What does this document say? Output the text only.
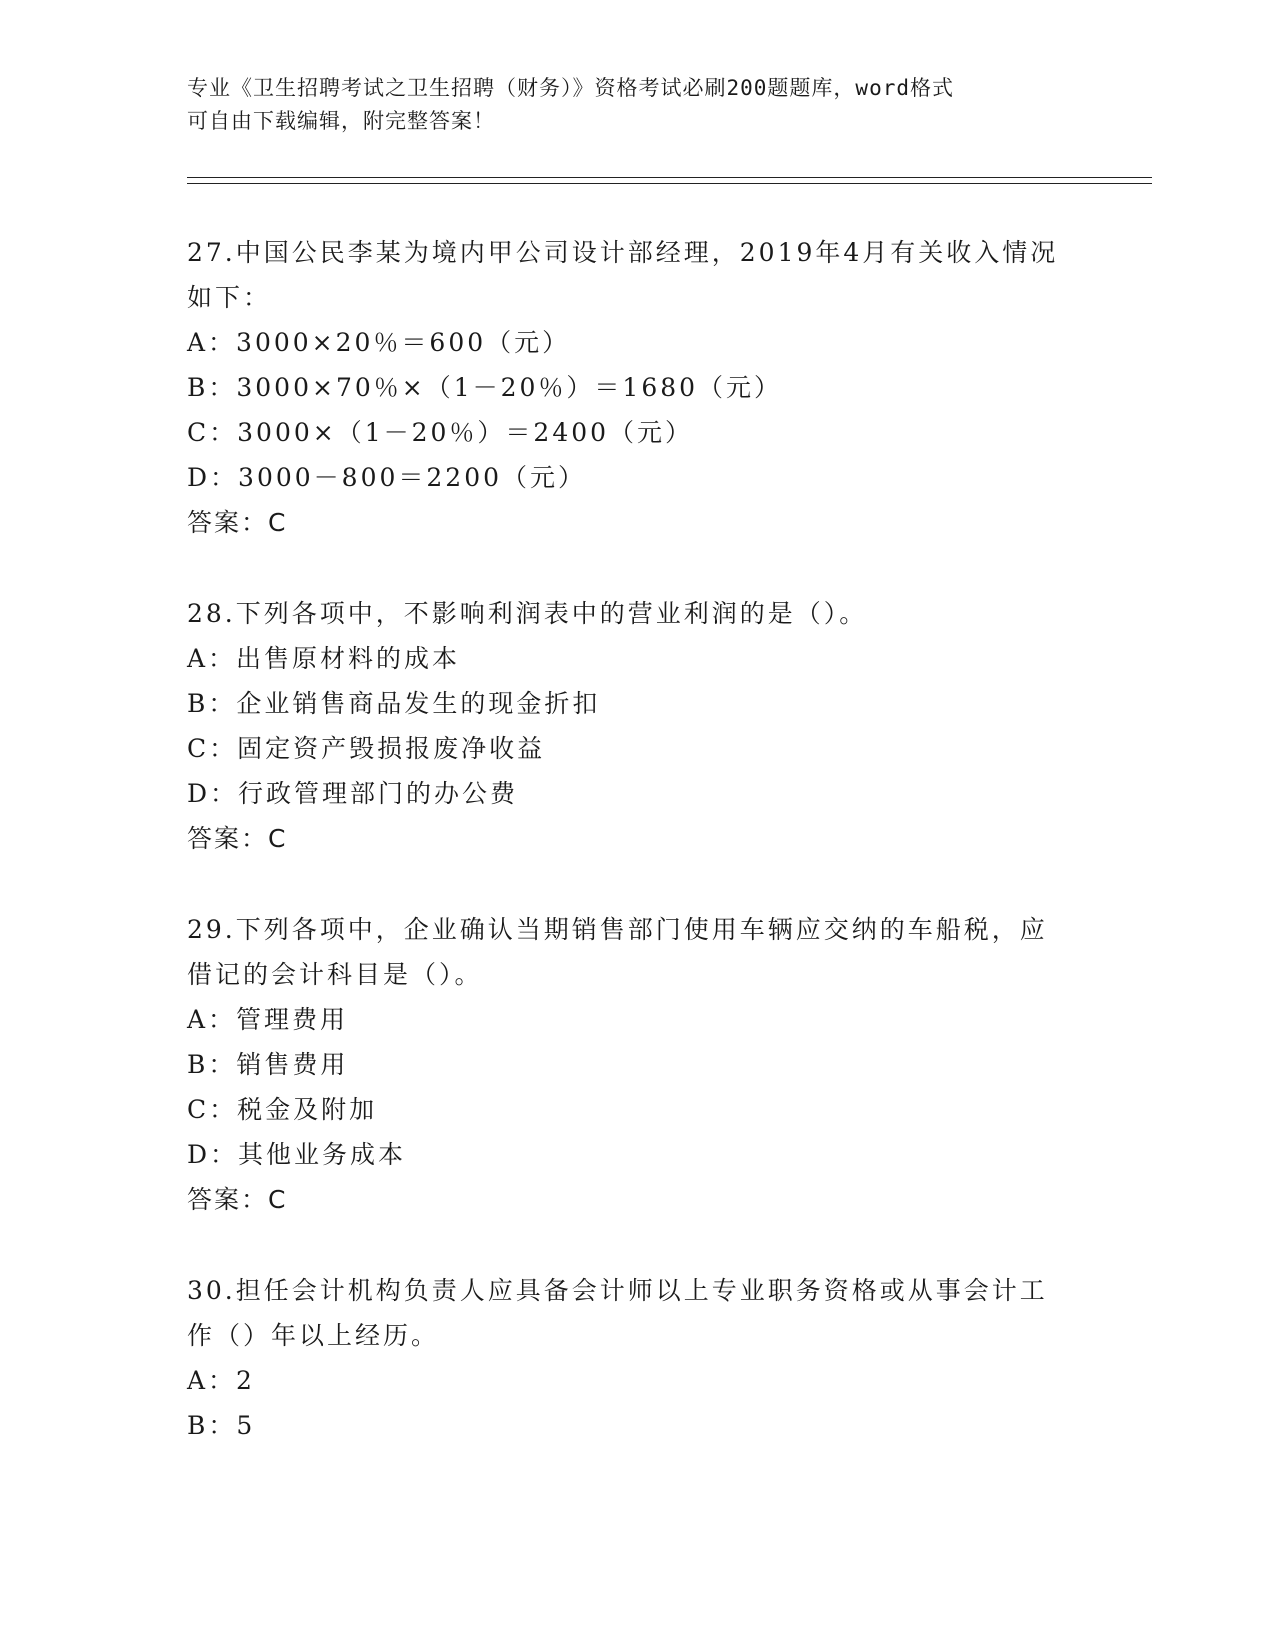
专业《卫生招聘考试之卫生招聘（财务）》资格考试必刷200题题库，word格式
可自由下载编辑，附完整答案！
27.中国公民李某为境内甲公司设计部经理，2019年4月有关收入情况
如下：
A：3000×20％＝600（元）
B：3000×70％×（1－20％）＝1680（元）
C：3000×（1－20％）＝2400（元）
D：3000－800＝2200（元）
答案：C
28.下列各项中，不影响利润表中的营业利润的是（）。
A：出售原材料的成本
B：企业销售商品发生的现金折扣
C：固定资产毁损报废净收益
D：行政管理部门的办公费
答案：C
29.下列各项中，企业确认当期销售部门使用车辆应交纳的车船税，应
借记的会计科目是（）。
A：管理费用
B：销售费用
C：税金及附加
D：其他业务成本
答案：C
30.担任会计机构负责人应具备会计师以上专业职务资格或从事会计工
作（）年以上经历。
A：2
B：5
